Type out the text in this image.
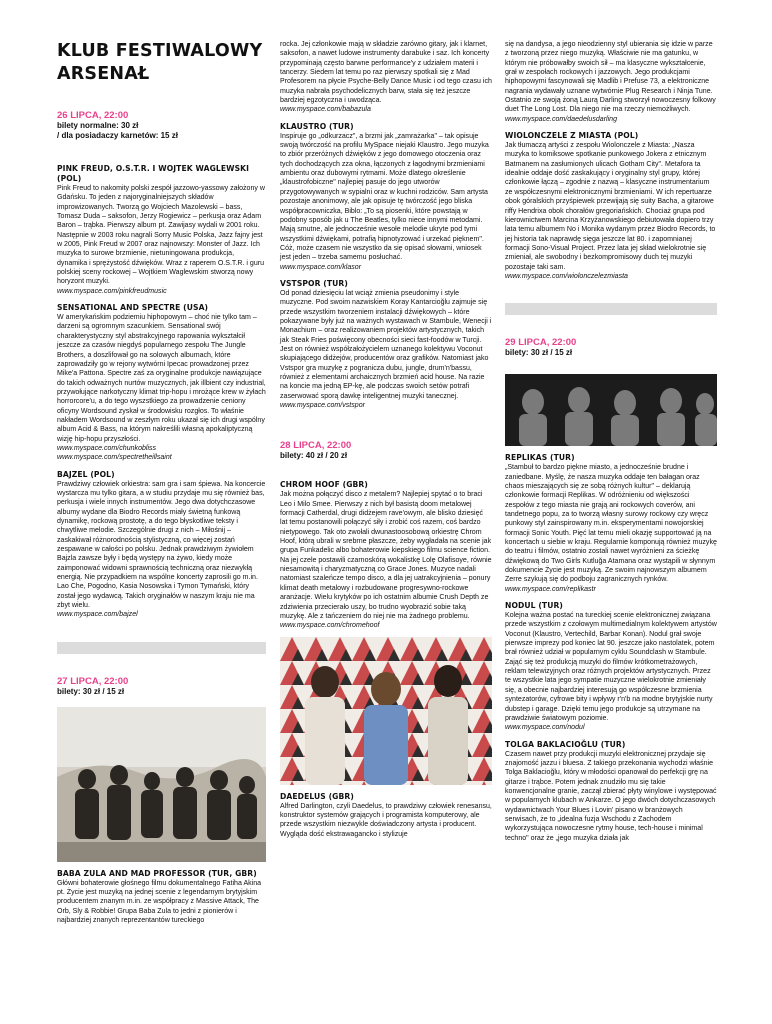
KLUB FESTIWALOWY
ARSENAŁ
26 LIPCA, 22:00
bilety normalne: 30 zł
/ dla posiadaczy karnetów: 15 zł
PINK FREUD, O.S.T.R. I WOJTEK WAGLEWSKI (POL)

Pink Freud to nakomity polski zespół jazzowo-yassowy założony w Gdańsku. To jeden z najoryginalniejszych składów improwizowanych. Tworzą go Wojciech Mazolewski – bass, Tomasz Duda – saksofon, Jerzy Rogiewicz – perkusja oraz Adam Baron – trąbka. Pierwszy album pt. Zawijasy wydali w 2001 roku. Następnie w 2003 roku nagrali Sorry Music Polska, Jazz fajny jest w 2005, Pink Freud w 2007 oraz najnowszy: Monster of Jazz. Ich muzyka to surowe brzmienie, nietuningowana produkcja, dynamika i sprężystość dźwięków. Wraz z raperem O.S.T.R. i guru polskiej sceny rockowej – Wojtkiem Waglewskim stworzą nowy horyzont muzyki.

www.myspace.com/pinkfreudmusic

SENSATIONAL AND SPECTRE (USA)

W amerykańskim podziemiu hiphopowym – choć nie tylko tam – darzeni są ogromnym szacunkiem. Sensational swój charakterystyczny styl abstrakcyjnego rapowania wykształcił jeszcze za czasów niegdyś popularnego zespołu The Jungle Brothers, a doszlifował go na solowych albumach, które zaprowadziły go w rejony wytwórni Ipecac prowadzonej przez Mike'a Pattona. Spectre zaś za oryginalne produkcje nawiązujące do takich odważnych nurtów muzycznych, jak illbient czy industrial, przywołujące narkotyczny klimat trip-hopu i mrożące krew w żyłach horrorcore'u, a do tego wyszstkiego za prowadzenie ceniony oficyny Wordsound zyskał w środowisku rozgłos. To właśnie nakładem Wordsound w zeszłym roku ukazał się ich drugi wspólny album Acid & Bass, na którym nakreślili własną apokaliptyczną wizję hip-hopu przyszłości.

www.myspace.com/chunkobliss

www.myspace.com/spectretheillsaint

BAJZEL (POL)

Prawdziwy człowiek orkiestra: sam gra i sam śpiewa. Na koncercie wystarcza mu tylko gitara, a w studiu przydaje mu się również bas, perkusja i wiele innych instrumentów. Jego dwa dotychczasowe albumy wydane dla Biodro Records miały świetną funkową dynamikę, rockową prostotę, a do tego błyskotliwe teksty i chwytliwe melodie. Szczególnie drugi z nich – Miłośnij – zaskakiwał różnorodnością stylistyczną, co więcej zostań zespawane w całości po polsku. Jednak prawdziwym żywiołem Bajzla zawsze były i będą występy na żywo, kiedy może zaimponować widowni sprawnością techniczną oraz niezwykłą energią. Nie przypadkiem na wspólne koncerty zaprosili go m.in. Lao Che, Pogodno, Kasia Nosowska i Tymon Tymański, który został jego wydawcą. Takich oryginałów w naszym kraju nie ma zbyt wielu.

www.myspace.com/bajzel

27 LIPCA, 22:00
bilety: 30 zł / 15 zł
BABA ZULA AND MAD PROFESSOR (TUR, GBR)

Główni bohaterowie głośnego filmu dokumentalnego Fatiha Akina pt. Życie jest muzyką na jednej scenie z legendarnym brytyjskim producentem znanym m.in. ze współpracy z Massive Attack, The Orb, Sly & Robbie! Grupa Baba Zula to jedni z pionierów i najbardziej znanych reprezentantów tureckiego

rocka. Jej członkowie mają w składzie zarówno gitary, jak i klarnet, saksofon, a nawet ludowe instrumenty darabuke i saz. Ich koncerty przypominają często barwne performance'y z udziałem materii i tancerzy. Siedem lat temu po raz pierwszy spotkali się z Mad Profesorem na płycie Psyche-Belly Dance Music i od tego czasu ich muzyka nabrała psychodelicznych barw, stała się też jeszcze bardziej egzotyczna i uwodząca.

www.myspace.com/babazula

KLAUSTRO (TUR)

Inspiruje go „odkurzacz", a brzmi jak „zamrażarka" – tak opisuje swoją twórczość na profilu MySpace niejaki Klaustro. Jego muzyka to zbiór przeróżnych dźwięków z jego domowego otoczenia oraz tych dochodzących zza okna, łączonych z łagodnymi brzmieniami ambientu oraz dubowymi rytmami. Może dlatego określenie „klaustrofobiczne" najlepiej pasuje do jego utworów przygotowywanych w sypialni oraz w kuchni rodziców. Sam artysta pozostaje anonimowy, ale jak opisuje tę twórczość jego bliska współpracowniczka, Biblo: „To są piosenki, które powstają w podobny sposób jak u The Beatles, tylko niece innymi metodami. Mają smutne, ale jednocześnie wesołe melodie ukryte pod tymi wszystkimi dźwiękami, potrafią hipnotyzować i urzekać pięknem". Cóż, może czasem nie wszystko da się opisać słowami, wniosek jest jeden – trzeba samemu posłuchać.

www.myspace.com/klasor

VSTSPOR (TUR)

Od ponad dziesięciu lat wciąż zmienia pseudonimy i style muzyczne. Pod swoim nazwiskiem Koray Kantarcioğlu zajmuje się przede wszystkim tworzeniem instalacji dźwiękowych – które pokazywane były już na ważnych wystawach w Stambule, Wenecji i Monachium – oraz realizowaniem projektów artystycznych, takich jak Steak Fries poświęcony obecności sieci fast-foodów w Turcji. Jest on również współzałożycielem uznanego kolektywu Voconut skupiającego didżejów, producentów oraz grafików. Natomiast jako Vstspor gra muzykę z pogranicza dubu, jungle, drum'n'bassu, również z elementami archaicznych brzmień acid house. Na razie na koncie ma jedną EP-kę, ale podczas swoich setów potrafi zaserwować sporą dawkę inteligentnej muzyki tanecznej.

www.myspace.com/vstspor

28 LIPCA, 22:00
bilety: 40 zł / 20 zł
CHROM HOOF (GBR)

Jak można połączyć disco z metalem? Najlepiej spytać o to braci Leo i Milo Smee. Pierwszy z nich był basistą doom metalowej formacji Catherdal, drugi didżejem rave'owym, ale blisko dziesięć lat temu postanowili połączyć siły i zrobić coś razem, coś bardzo nietypowego. Tak oto zwołali dwunastoosobową orkiestrę Chrom Hoof, którą ubrali w srebrne płaszcze, żeby wygładała na scenie jak grupa Funkadelic albo bohaterowie kiepskiego filmu science fiction. Na jej czele postawili czarnoskórą wokalistkę Lolę Olafisoye, równie niesamowitą i charyzmatyczną co Grace Jones. Muzyce nadali natomiast szaleńcze tempo disco, a dla jej uatrakcyjnienia – ponury klimat death metalowy i rozbudowane progresywno-rockowe aranżacje. Wielu krytyków po ich ostatnim albumie Crush Depth ze zdziwienia przecierało uszy, bo trudno wyobrazić sobie taką muzykę. Ale z tańczeniem do niej nie ma żadnego problemu.

www.myspace.com/chromehoof

DAEDELUS (GBR)

Alfred Darlington, czyli Daedelus, to prawdziwy człowiek renesansu, konstruktor systemów grających i programista komputerowy, ale przede wszystkim niezwykle doświadczony artysta i producent. Wygląda dość ekstrawagancko i stylizuje

się na dandysa, a jego nieodzienny styl ubierania się idzie w parze z tworzoną przez niego muzyką. Właściwie nie ma gatunku, w którym nie próbowałby swoich sił – ma klasyczne wykształcenie, grał w zespołach rockowych i jazzowych. Jego produkcjami hiphopowymi fascynowali się Madlib i Prefuse 73, a elektroniczne nagrania wydawały uznane wytwórnie Plug Research i Ninja Tune. Ostatnio ze swoją żoną Laurą Darling stworzył nowoczesny folkowy duet The Long Lost. Dla niego nie ma rzeczy niemożliwych.

www.myspace.com/daedelusdarling

WIOLONCZELE Z MIASTA (POL)

Jak tłumaczą artyści z zespołu Wiolonczele z Miasta: „Nasza muzyka to komiksowe spotkanie punkowego Jokera z etnicznym Batmanem na zasłumionych ulicach Gotham City". Metafora ta idealnie oddaje dość zaskakujący i oryginalny styl grupy, której członkowie łączą – zgodnie z nazwą – klasyczne instrumentarium ze współczesnymi elektronicznymi brzmieniami. W ich repertuarze obok góralskich przyśpiewek przewijają się suity Bacha, a gitarowe riffy Hendrixa obok chorałów gregoriańskich. Chociaż grupa pod kierownictwem Marcina Krzyżanowskiego debiutowała dopiero trzy lata temu albumem No i Monika wydanym przez Biodro Records, to jej historia tak naprawdę sięga jeszcze lat 80. i zapomnianej formacji Sono-Visual Project. Przez lata jej skład wielokrotnie się zmieniał, ale swobodny i bezkompromisowy duch tej muzyki pozostaje taki sam.

www.myspace.com/wiolonczelezmiasta

29 LIPCA, 22:00
bilety: 30 zł / 15 zł
REPLIKAS (TUR)

„Stambuł to bardzo piękne miasto, a jednocześnie brudne i zaniedbane. Myślę, że nasza muzyka oddaje ten bałagan oraz chaos mieszających się ze sobą różnych kultur" – deklarują członkowie formacji Replikas. W odróżnieniu od większości zespołów z tego miasta nie grają ani rockowych coverów, ani tandetnego popu, za to tworzą własny surowy rockowy czy wręcz punkowy styl zainspirowany m.in. eksperymentami nowojorskiej formacji Sonic Youth. Pięć lat temu mieli okazję supportować ją na koncertach u siebie w kraju. Regularnie komponują również muzykę do teatru i filmów, ostatnio zostali nawet wyróżnieni za ścieżkę dźwiękową do Two Girls Kutluğa Atamana oraz wystąpili w słynnym dokumencie Życie jest muzyką. Ze swoim najnowszym albumem Zerre szykują się do podboju zagranicznych rynków.

www.myspace.com/replikastr

NODUL (TUR)

Kolejna ważna postać na tureckiej scenie elektronicznej związana przede wszystkim z czołowym multimedialnym kolektywem artystów Voconut (Klaustro, Vertechild, Barbar Konan). Nodul grał swoje pierwsze imprezy pod koniec lat 90. jeszcze jako nastolatek, potem brał również udział w popularnym cyklu Soundclash w Stambule. Zająć się też produkcją muzyki do filmów krótkometrażowych, reklam telewizyjnych oraz różnych projektów artystycznych. Przez te wszystkie lata jego sympatie muzyczne wielokrotnie zmieniały się, a obecnie najbardziej interesują go współczesne brzmienia syntezatorów, cyfrowe bity i wpływy r'n'b na modne brytyjskie nurty dubstep i garage. Dzięki temu jego produkcje są utrzymane na prawdziwie światowym poziomie.

www.myspace.com/nodul

TOLGA BAKLACIOĞLU (TUR)

Czasem nawet przy produkcji muzyki elektronicznej przydaje się znajomość jazzu i bluesa. Z takiego przekonania wychodzi właśnie Tolga Baklacioğlu, który w młodości opanował do perfekcji grę na gitarze i trąbce. Potem jednak znudziło mu się takie konwencjonalne granie, zaczął zbierać płyty winylowe i występować w popularnych klubach w Ankarze. O jego dwóch dotychczasowych wydawnictwach Your Blues i Lovin' pisano w branżowych serwisach, że to „idealna fuzja Wschodu z Zachodem wykorzystująca nowoczesne rytmy house, tech-house i minimal techno" oraz że „jego muzyka działa jak
